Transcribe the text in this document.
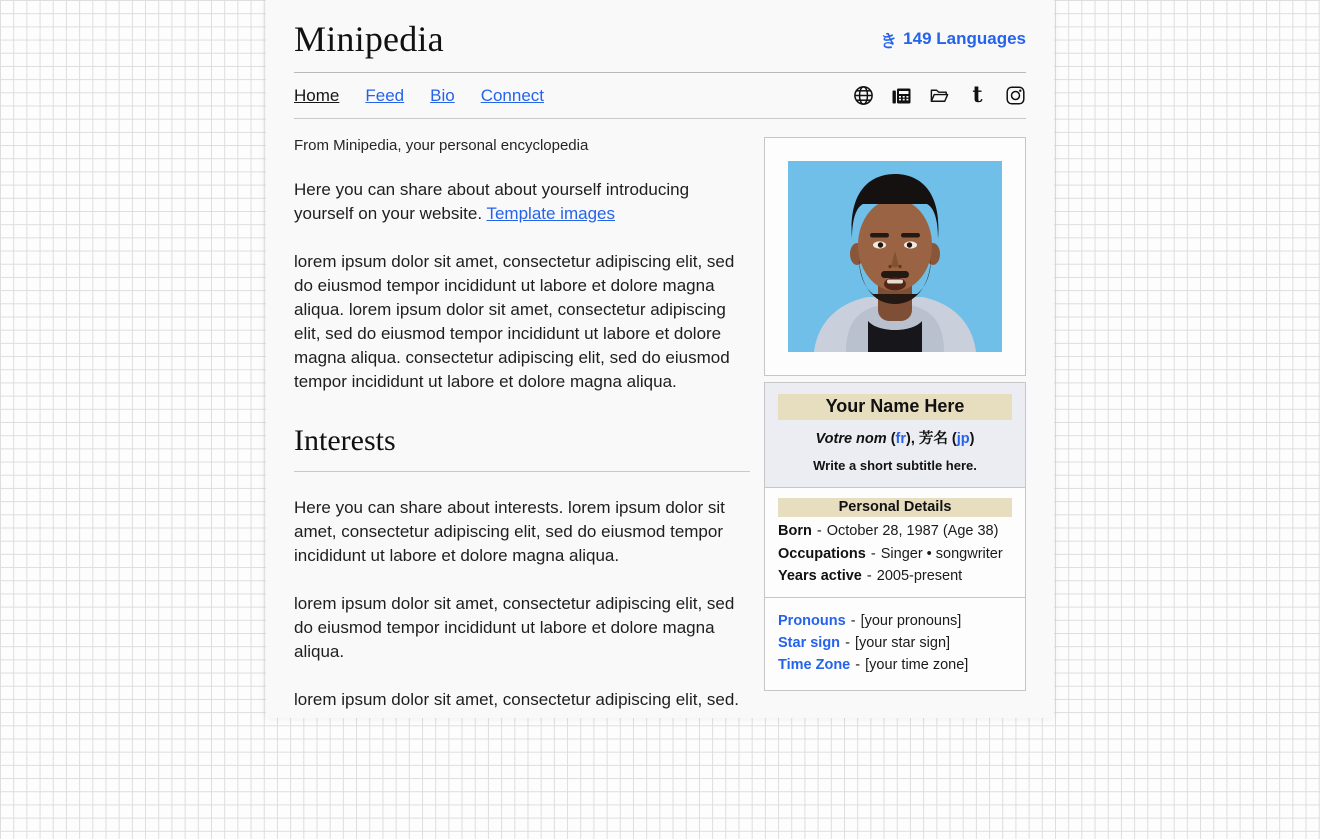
Minipedia	き 149 Languages
Home Feed Bio Connect	t
From Minipedia, your personal encyclopedia

Here you can share about about yourself introducing yourself on your website. Template images

lorem ipsum dolor sit amet, consectetur adipiscing elit, sed do eiusmod tempor incididunt ut labore et dolore magna aliqua. lorem ipsum dolor sit amet, consectetur adipiscing elit, sed do eiusmod tempor incididunt ut labore et dolore magna aliqua. consectetur adipiscing elit, sed do eiusmod tempor incididunt ut labore et dolore magna aliqua.

Interests

Here you can share about interests. lorem ipsum dolor sit amet, consectetur adipiscing elit, sed do eiusmod tempor incididunt ut labore et dolore magna aliqua.

lorem ipsum dolor sit amet, consectetur adipiscing elit, sed do eiusmod tempor incididunt ut labore et dolore magna aliqua.

lorem ipsum dolor sit amet, consectetur adipiscing elit, sed.

Your Name Here
Votre nom (fr), 芳名 (jp)
Write a short subtitle here.
Personal Details
Born - October 28, 1987 (Age 38)
Occupations - Singer • songwriter
Years active - 2005-present
Pronouns - [your pronouns]
Star sign - [your star sign]
Time Zone - [your time zone]
